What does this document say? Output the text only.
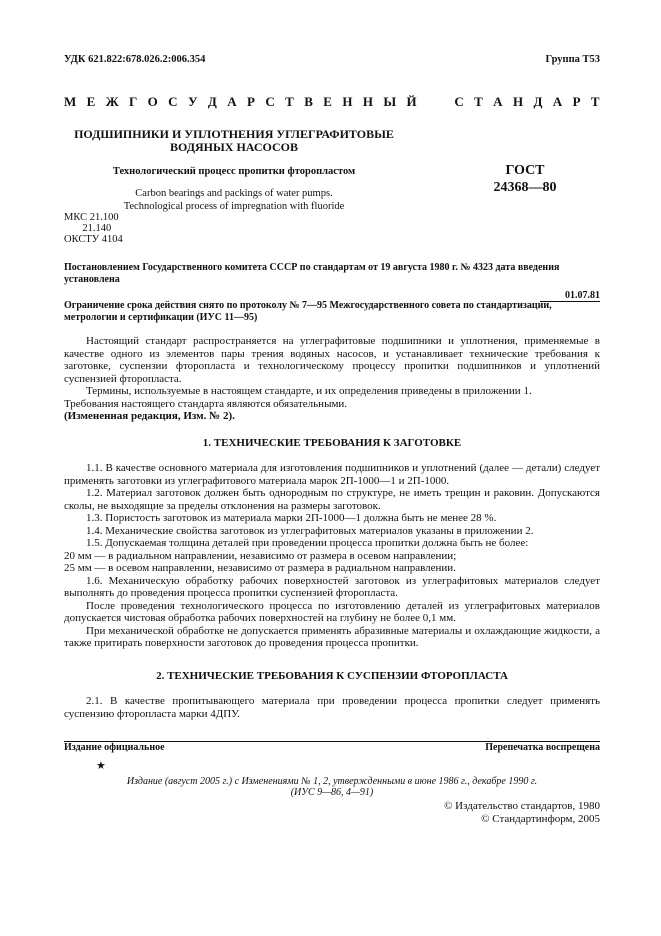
УДК 621.822:678.026.2:006.354	Группа Т53
М Е Ж Г О С У Д А Р С Т В Е Н Н Ы Й

	С Т А Н Д А Р Т
ПОДШИПНИКИ И УПЛОТНЕНИЯ УГЛЕГРАФИТОВЫЕ
ВОДЯНЫХ НАСОСОВ
Технологический процесс пропитки фторопластом	ГОСТ
24368—80
Carbon bearings and packings of water pumps.
Technological process of impregnation with fluoride
МКС 21.100
21.140
ОКСТУ 4104
Постановлением Государственного комитета СССР по стандартам от 19 августа 1980 г. № 4323 дата введения установлена
01.07.81
Ограничение срока действия снято по протоколу № 7—95 Межгосударственного совета по стандартизации, метрологии и сертификации (ИУС 11—95)

Настоящий стандарт распространяется на углеграфитовые подшипники и уплотнения, применяемые в качестве одного из элементов пары трения водяных насосов, и устанавливает технические требования к заготовке, суспензии фторопласта и технологическому процессу пропитки подшипников и уплотнений суспензией фторопласта.

Термины, используемые в настоящем стандарте, и их определения приведены в приложении 1.

Требования настоящего стандарта являются обязательными.

(Измененная редакция, Изм. № 2).

1. ТЕХНИЧЕСКИЕ ТРЕБОВАНИЯ К ЗАГОТОВКЕ

1.1. В качестве основного материала для изготовления подшипников и уплотнений (далее — детали) следует применять заготовки из углеграфитового материала марок 2П-1000—1 и 2П-1000.

1.2. Материал заготовок должен быть однородным по структуре, не иметь трещин и раковин. Допускаются сколы, не выходящие за пределы отклонения на размеры заготовок.

1.3. Пористость заготовок из материала марки 2П-1000—1 должна быть не менее 28 %.

1.4. Механические свойства заготовок из углеграфитовых материалов указаны в приложении 2.

1.5. Допускаемая толщина деталей при проведении процесса пропитки должна быть не более:

20 мм — в радиальном направлении, независимо от размера в осевом направлении;

25 мм — в осевом направлении, независимо от размера в радиальном направлении.

1.6. Механическую обработку рабочих поверхностей заготовок из углеграфитовых материалов следует выполнять до проведения процесса пропитки суспензией фторопласта.

После проведения технологического процесса по изготовлению деталей из углеграфитовых материалов допускается чистовая обработка рабочих поверхностей на глубину не более 0,1 мм.

При механической обработке не допускается применять абразивные материалы и охлаждающие жидкости, а также притирать поверхности заготовок до проведения процесса пропитки.

2. ТЕХНИЧЕСКИЕ ТРЕБОВАНИЯ К СУСПЕНЗИИ ФТОРОПЛАСТА

2.1. В качестве пропитывающего материала при проведении процесса пропитки следует применять суспензию фторопласта марки 4ДПУ.

Издание официальное	Перепечатка воспрещена
★
Издание (август 2005 г.) с Изменениями № 1, 2, утвержденными в июне 1986 г., декабре 1990 г.
(ИУС 9—86, 4—91)
© Издательство стандартов, 1980
© Стандартинформ, 2005
